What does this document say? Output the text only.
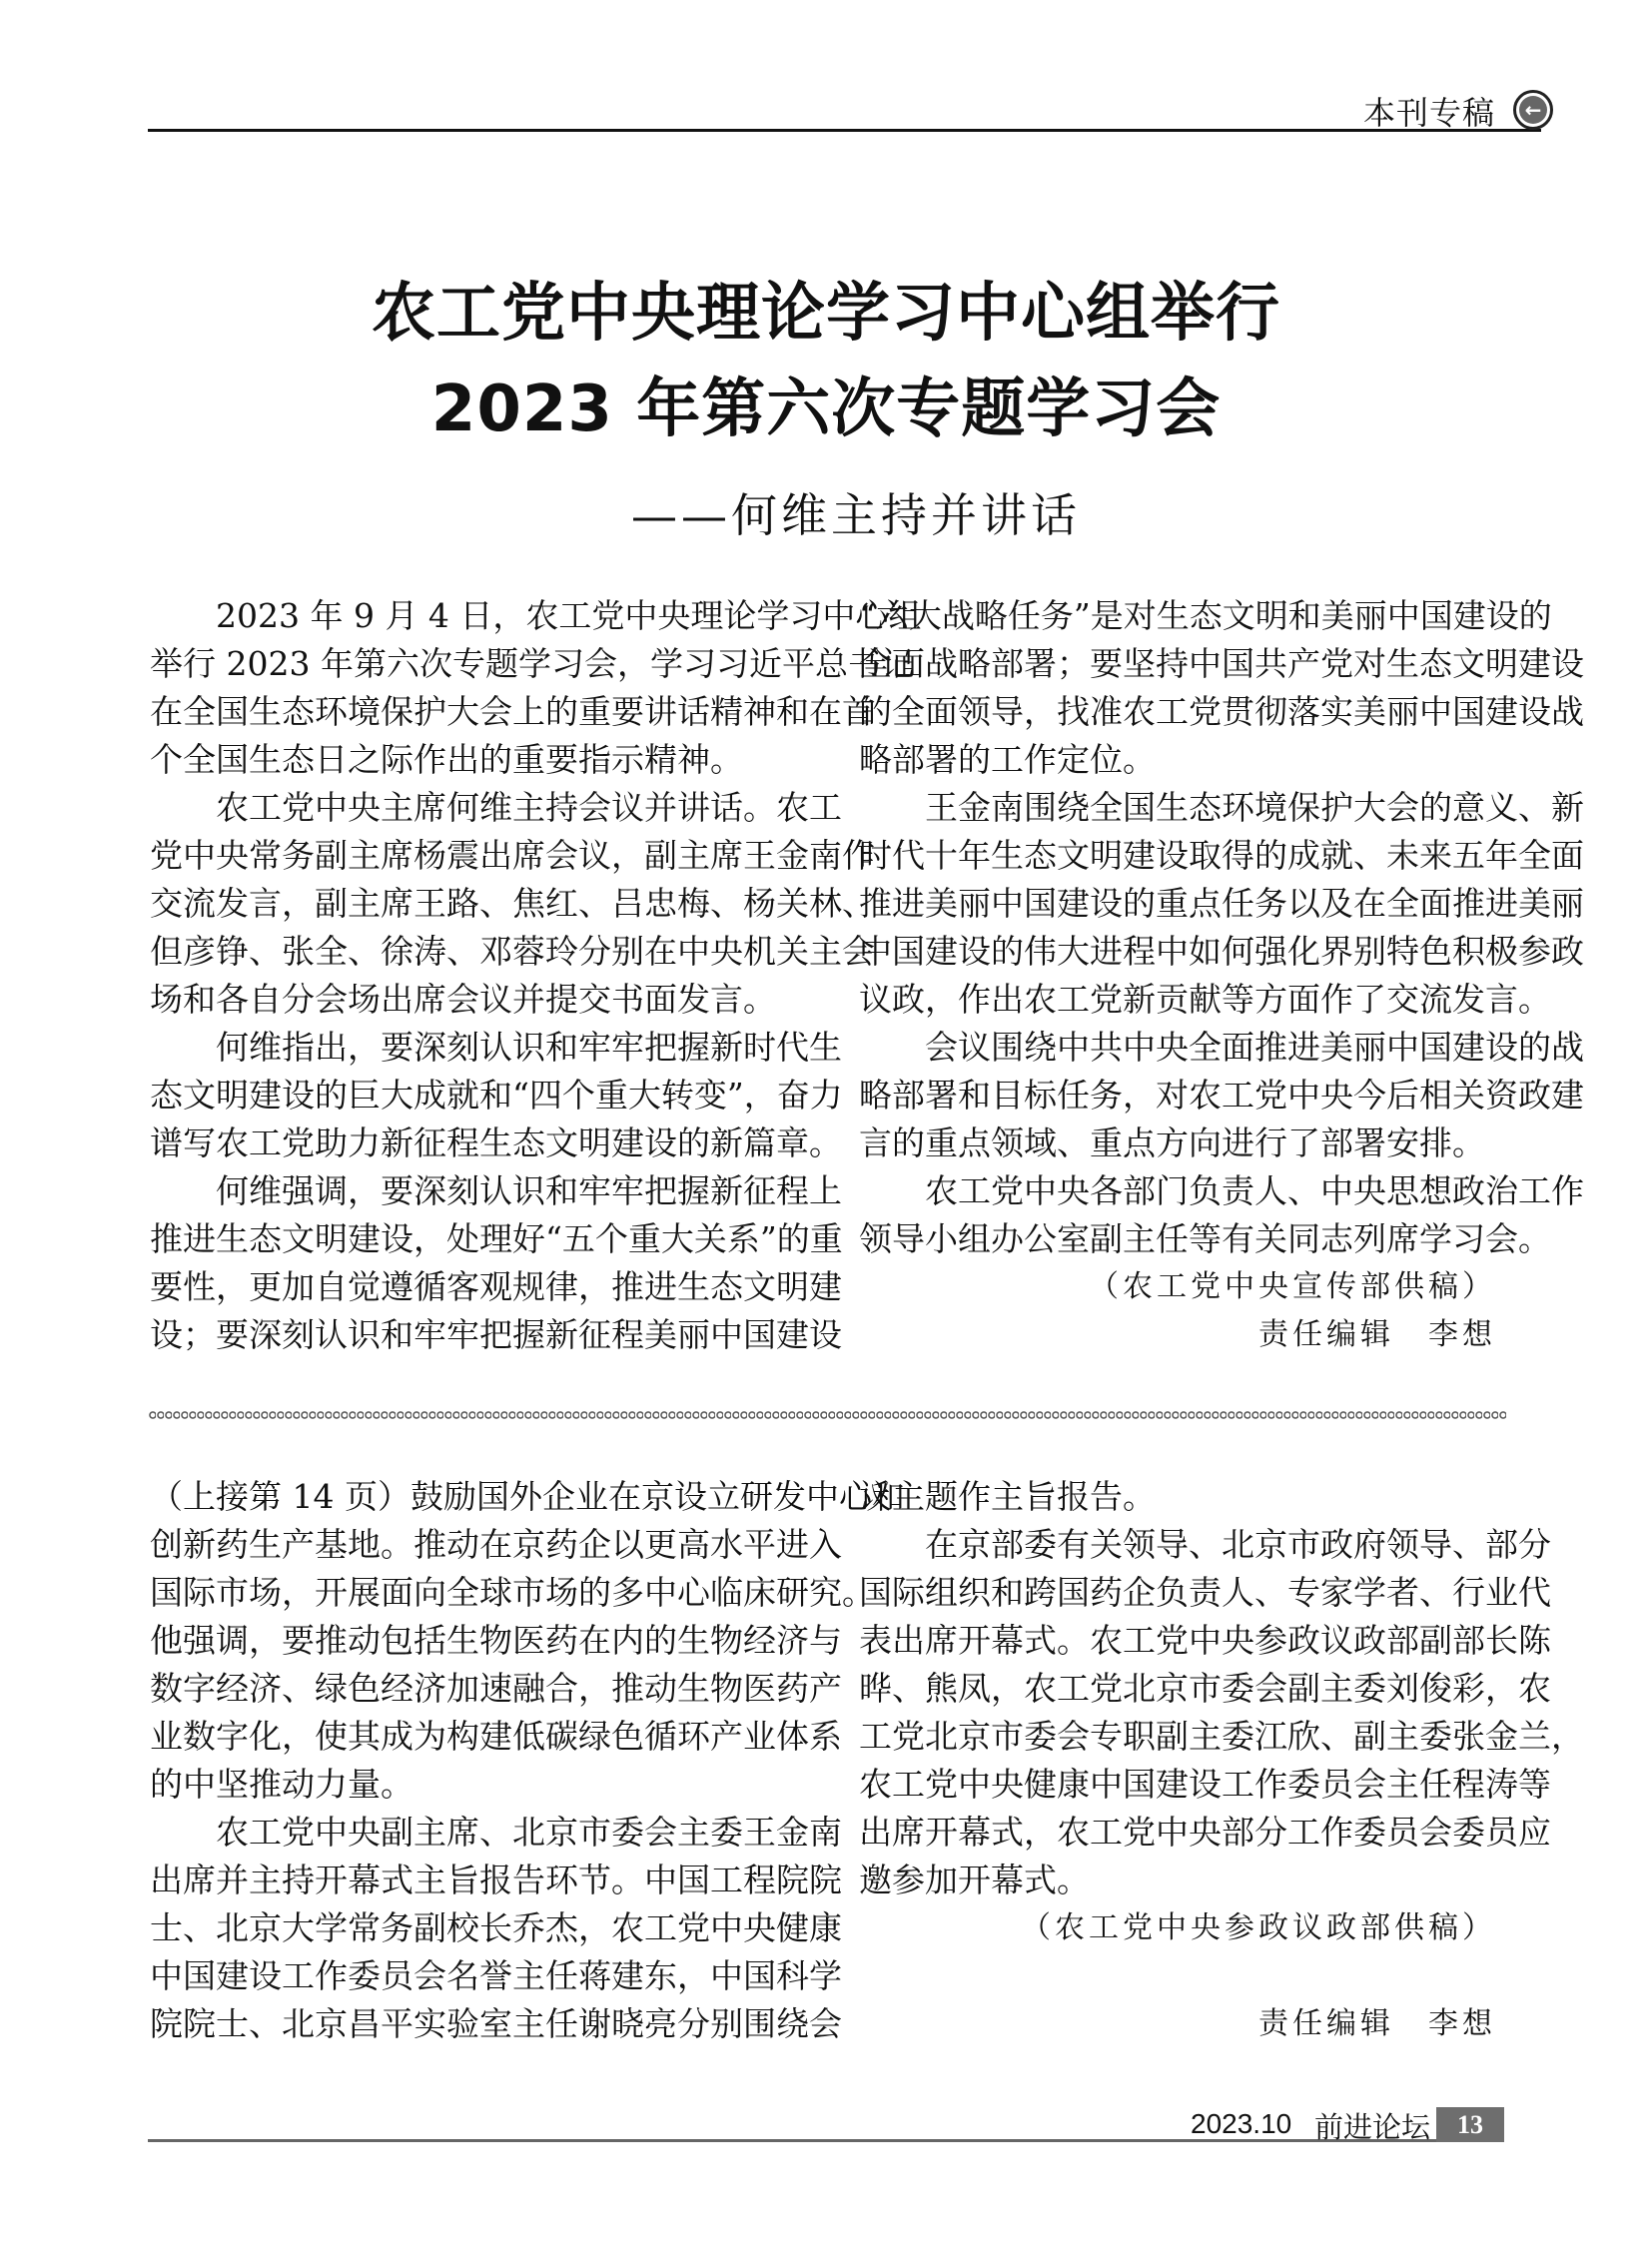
本刊专稿 ←
农工党中央理论学习中心组举行
2023 年第六次专题学习会
——何维主持并讲话
2023 年 9 月 4 日，农工党中央理论学习中心组
举行 2023 年第六次专题学习会，学习习近平总书记
在全国生态环境保护大会上的重要讲话精神和在首
个全国生态日之际作出的重要指示精神。
农工党中央主席何维主持会议并讲话。农工
党中央常务副主席杨震出席会议，副主席王金南作
交流发言，副主席王路、焦红、吕忠梅、杨关林、
但彦铮、张全、徐涛、邓蓉玲分别在中央机关主会
场和各自分会场出席会议并提交书面发言。
何维指出，要深刻认识和牢牢把握新时代生
态文明建设的巨大成就和“四个重大转变”，奋力
谱写农工党助力新征程生态文明建设的新篇章。
何维强调，要深刻认识和牢牢把握新征程上
推进生态文明建设，处理好“五个重大关系”的重
要性，更加自觉遵循客观规律，推进生态文明建
设；要深刻认识和牢牢把握新征程美丽中国建设
“六大战略任务”是对生态文明和美丽中国建设的
全面战略部署；要坚持中国共产党对生态文明建设
的全面领导，找准农工党贯彻落实美丽中国建设战
略部署的工作定位。
王金南围绕全国生态环境保护大会的意义、新
时代十年生态文明建设取得的成就、未来五年全面
推进美丽中国建设的重点任务以及在全面推进美丽
中国建设的伟大进程中如何强化界别特色积极参政
议政，作出农工党新贡献等方面作了交流发言。
会议围绕中共中央全面推进美丽中国建设的战
略部署和目标任务，对农工党中央今后相关资政建
言的重点领域、重点方向进行了部署安排。
农工党中央各部门负责人、中央思想政治工作
领导小组办公室副主任等有关同志列席学习会。
（农工党中央宣传部供稿）
责任编辑　李想
（上接第 14 页）鼓励国外企业在京设立研发中心和
创新药生产基地。推动在京药企以更高水平进入
国际市场，开展面向全球市场的多中心临床研究。
他强调，要推动包括生物医药在内的生物经济与
数字经济、绿色经济加速融合，推动生物医药产
业数字化，使其成为构建低碳绿色循环产业体系
的中坚推动力量。
农工党中央副主席、北京市委会主委王金南
出席并主持开幕式主旨报告环节。中国工程院院
士、北京大学常务副校长乔杰，农工党中央健康
中国建设工作委员会名誉主任蒋建东，中国科学
院院士、北京昌平实验室主任谢晓亮分别围绕会
议主题作主旨报告。
在京部委有关领导、北京市政府领导、部分
国际组织和跨国药企负责人、专家学者、行业代
表出席开幕式。农工党中央参政议政部副部长陈
晔、熊凤，农工党北京市委会副主委刘俊彩，农
工党北京市委会专职副主委江欣、副主委张金兰，
农工党中央健康中国建设工作委员会主任程涛等
出席开幕式，农工党中央部分工作委员会委员应
邀参加开幕式。
（农工党中央参政议政部供稿）
责任编辑　李想
2023.10 前进论坛	13
